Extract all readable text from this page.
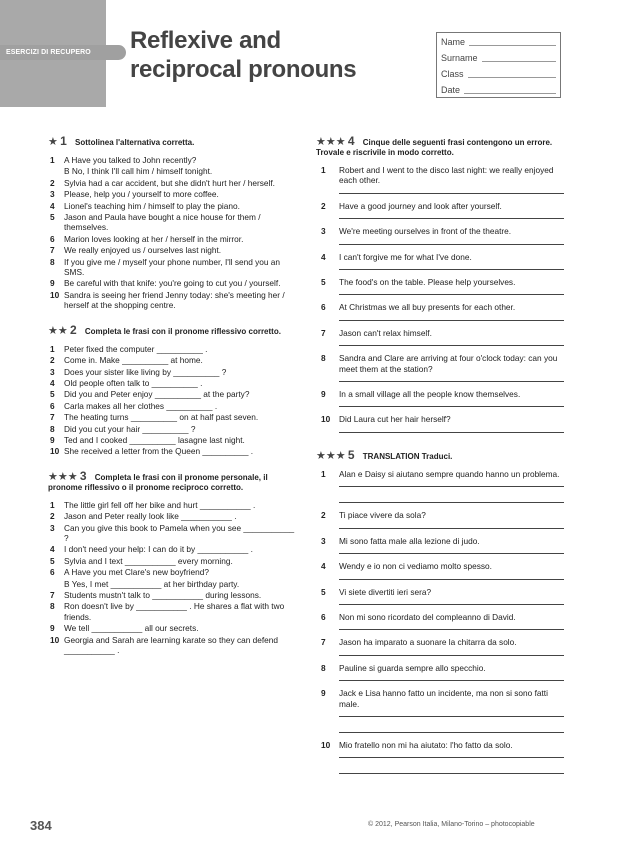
ESERCIZI DI RECUPERO	Reflexive and
reciprocal pronouns
Name
Surname
Class
Date
★ 1 Sottolinea l'alternativa corretta.
1	A Have you talked to John recently?
B No, I think I'll call him / himself tonight.
2	Sylvia had a car accident, but she didn't hurt her / herself.
3	Please, help you / yourself to more coffee.
4	Lionel's teaching him / himself to play the piano.
5	Jason and Paula have bought a nice house for them / themselves.
6	Marion loves looking at her / herself in the mirror.
7	We really enjoyed us / ourselves last night.
8	If you give me / myself your phone number, I'll send you an SMS.
9	Be careful with that knife: you're going to cut you / yourself.
10 Sandra is seeing her friend Jenny today: she's meeting her / herself at the shopping centre.
★★ 2 Completa le frasi con il pronome riflessivo corretto.
1	Peter fixed the computer __________ .
2	Come in. Make __________ at home.
3	Does your sister like living by __________ ?
4	Old people often talk to __________ .
5	Did you and Peter enjoy __________ at the party?
6	Carla makes all her clothes __________ .
7	The heating turns __________ on at half past seven.
8	Did you cut your hair __________ ?
9	Ted and I cooked __________ lasagne last night.
10 She received a letter from the Queen __________ .
★★★ 3 Completa le frasi con il pronome personale, il pronome riflessivo o il pronome reciproco corretto.
1	The little girl fell off her bike and hurt ___________ .
2	Jason and Peter really look like ___________ .
3	Can you give this book to Pamela when you see ___________ ?
4	I don't need your help: I can do it by ___________ .
5	Sylvia and I text ___________ every morning.
6	A Have you met Clare's new boyfriend?
B Yes, I met ___________ at her birthday party.
7	Students mustn't talk to ___________ during lessons.
8	Ron doesn't live by ___________ . He shares a flat with two friends.
9	We tell ___________ all our secrets.
10 Georgia and Sarah are learning karate so they can defend ___________ .
★★★ 4 Cinque delle seguenti frasi contengono un errore. Trovale e riscrivile in modo corretto.
1	Robert and I went to the disco last night: we really enjoyed each other.
2	Have a good journey and look after yourself.
3	We're meeting ourselves in front of the theatre.
4	I can't forgive me for what I've done.
5	The food's on the table. Please help yourselves.
6	At Christmas we all buy presents for each other.
7	Jason can't relax himself.
8	Sandra and Clare are arriving at four o'clock today: can you meet them at the station?
9	In a small village all the people know themselves.
10	Did Laura cut her hair herself?
★★★ 5 TRANSLATION Traduci.
1	Alan e Daisy si aiutano sempre quando hanno un problema.
2	Ti piace vivere da sola?
3	Mi sono fatta male alla lezione di judo.
4	Wendy e io non ci vediamo molto spesso.
5	Vi siete divertiti ieri sera?
6	Non mi sono ricordato del compleanno di David.
7	Jason ha imparato a suonare la chitarra da solo.
8	Pauline si guarda sempre allo specchio.
9	Jack e Lisa hanno fatto un incidente, ma non si sono fatti male.
10	Mio fratello non mi ha aiutato: l'ho fatto da solo.
384	© 2012, Pearson Italia, Milano-Torino – photocopiable
